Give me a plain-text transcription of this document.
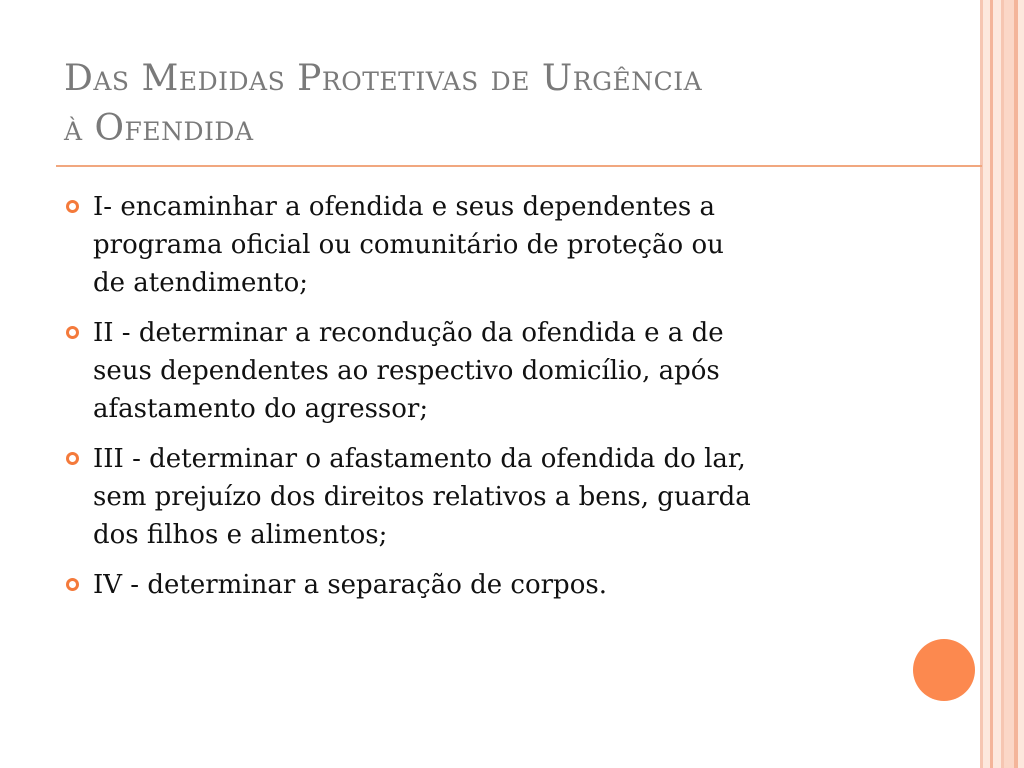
Das Medidas Protetivas de Urgência
à Ofendida
I- encaminhar a ofendida e seus dependentes a
programa oficial ou comunitário de proteção ou
de atendimento;
II - determinar a recondução da ofendida e a de
seus dependentes ao respectivo domicílio, após
afastamento do agressor;
III - determinar o afastamento da ofendida do lar,
sem prejuízo dos direitos relativos a bens, guarda
dos filhos e alimentos;
IV - determinar a separação de corpos.
